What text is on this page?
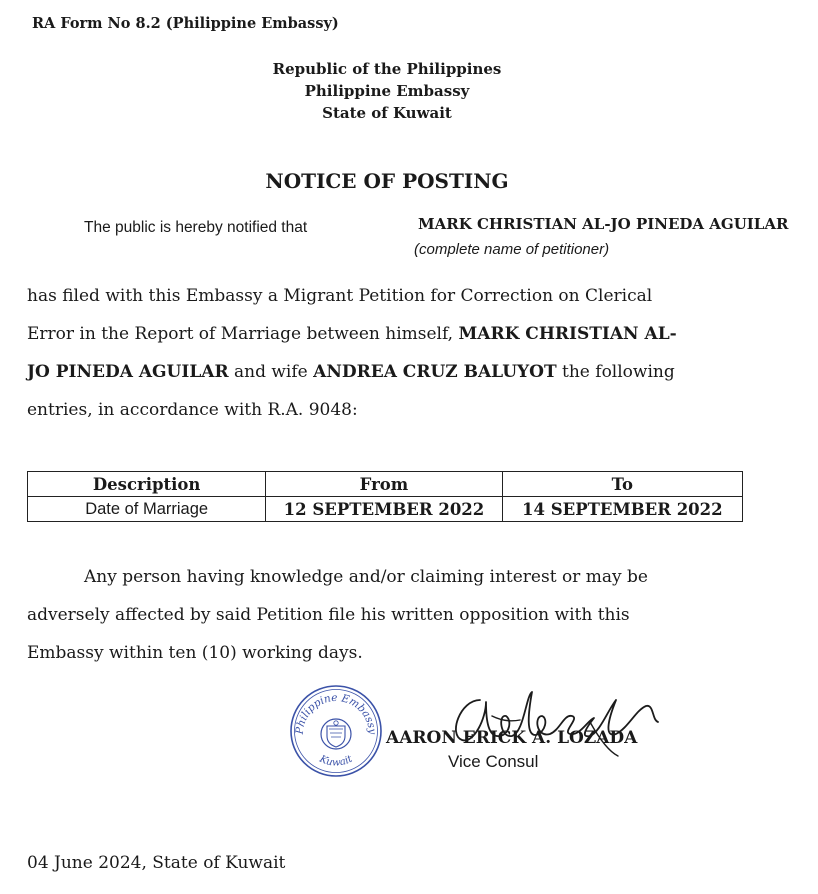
RA Form No 8.2 (Philippine Embassy)
Republic of the Philippines
Philippine Embassy
State of Kuwait
NOTICE OF POSTING
The public is hereby notified that	MARK CHRISTIAN AL-JO PINEDA AGUILAR
(complete name of petitioner)
has filed with this Embassy a Migrant Petition for Correction on Clerical
Error in the Report of Marriage between himself, MARK CHRISTIAN AL-
JO PINEDA AGUILAR and wife ANDREA CRUZ BALUYOT the following
entries, in accordance with R.A. 9048:
Description	From	To
Date of Marriage	12 SEPTEMBER 2022	14 SEPTEMBER 2022
Any person having knowledge and/or claiming interest or may be
adversely affected by said Petition file his written opposition with this
Embassy within ten (10) working days.
Philippine Embassy
Kuwait
AARON ERICK A. LOZADA
Vice Consul
04 June 2024, State of Kuwait
